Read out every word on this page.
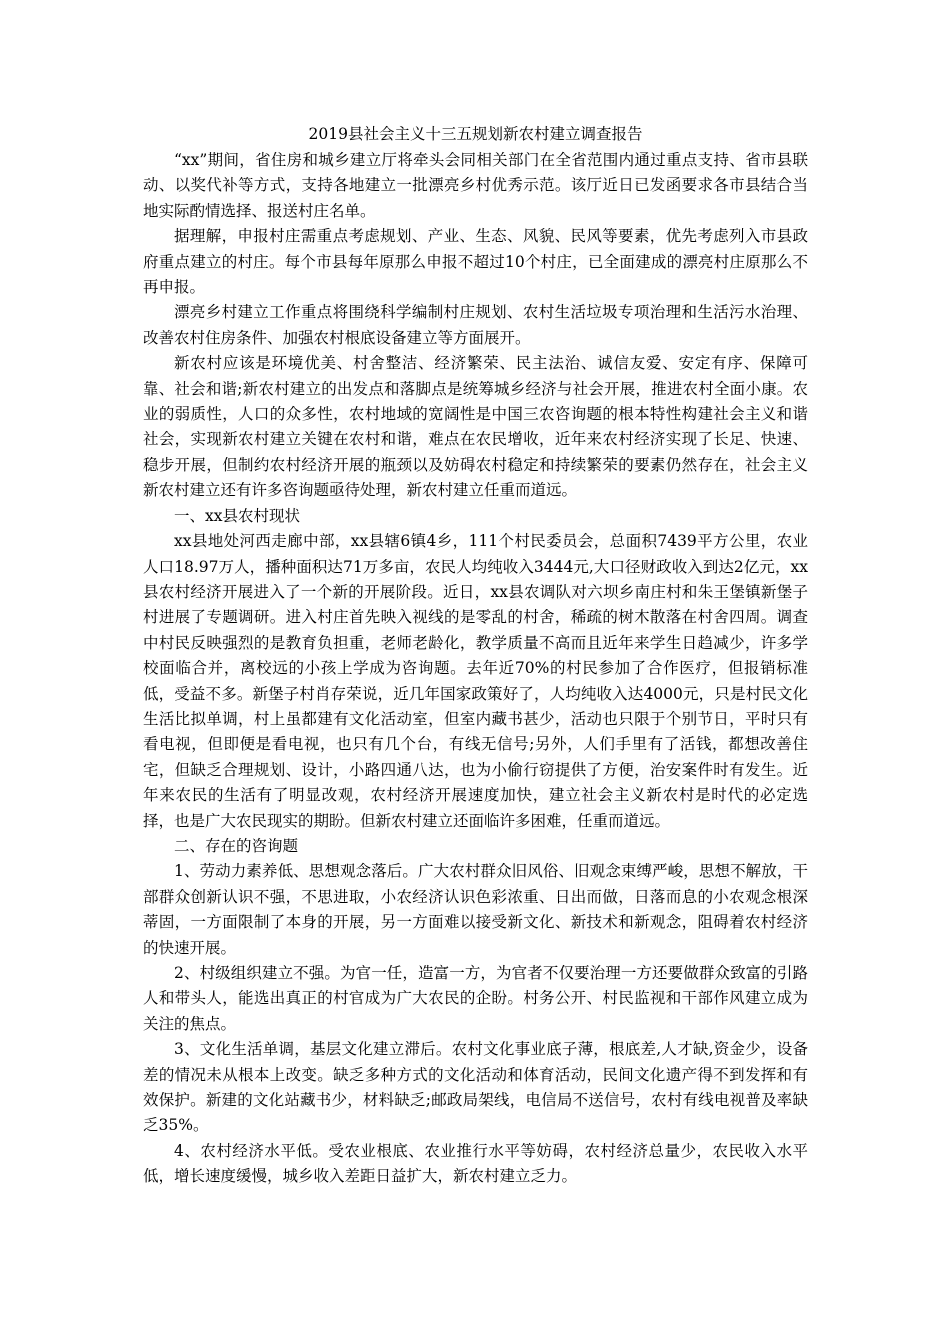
2019县社会主义十三五规划新农村建立调查报告

“xx”期间，省住房和城乡建立厅将牵头会同相关部门在全省范围内通过重点支持、省市县联动、以奖代补等方式，支持各地建立一批漂亮乡村优秀示范。该厅近日已发函要求各市县结合当地实际酌情选择、报送村庄名单。

据理解，申报村庄需重点考虑规划、产业、生态、风貌、民风等要素，优先考虑列入市县政府重点建立的村庄。每个市县每年原那么申报不超过10个村庄，已全面建成的漂亮村庄原那么不再申报。

漂亮乡村建立工作重点将围绕科学编制村庄规划、农村生活垃圾专项治理和生活污水治理、改善农村住房条件、加强农村根底设备建立等方面展开。

新农村应该是环境优美、村舍整洁、经济繁荣、民主法治、诚信友爱、安定有序、保障可靠、社会和谐;新农村建立的出发点和落脚点是统筹城乡经济与社会开展，推进农村全面小康。农业的弱质性，人口的众多性，农村地域的宽阔性是中国三农咨询题的根本特性构建社会主义和谐社会，实现新农村建立关键在农村和谐，难点在农民增收，近年来农村经济实现了长足、快速、稳步开展，但制约农村经济开展的瓶颈以及妨碍农村稳定和持续繁荣的要素仍然存在，社会主义新农村建立还有许多咨询题亟待处理，新农村建立任重而道远。

一、xx县农村现状

xx县地处河西走廊中部，xx县辖6镇4乡，111个村民委员会，总面积7439平方公里，农业人口18.97万人，播种面积达71万多亩，农民人均纯收入3444元,大口径财政收入到达2亿元，xx县农村经济开展进入了一个新的开展阶段。近日，xx县农调队对六坝乡南庄村和朱王堡镇新堡子村进展了专题调研。进入村庄首先映入视线的是零乱的村舍，稀疏的树木散落在村舍四周。调查中村民反映强烈的是教育负担重，老师老龄化，教学质量不高而且近年来学生日趋减少，许多学校面临合并，离校远的小孩上学成为咨询题。去年近70%的村民参加了合作医疗，但报销标准低，受益不多。新堡子村肖存荣说，近几年国家政策好了，人均纯收入达4000元，只是村民文化生活比拟单调，村上虽都建有文化活动室，但室内藏书甚少，活动也只限于个别节日，平时只有看电视，但即便是看电视，也只有几个台，有线无信号;另外，人们手里有了活钱，都想改善住宅，但缺乏合理规划、设计，小路四通八达，也为小偷行窃提供了方便，治安案件时有发生。近年来农民的生活有了明显改观，农村经济开展速度加快，建立社会主义新农村是时代的必定选择，也是广大农民现实的期盼。但新农村建立还面临许多困难，任重而道远。

二、存在的咨询题

1、劳动力素养低、思想观念落后。广大农村群众旧风俗、旧观念束缚严峻，思想不解放，干部群众创新认识不强，不思进取，小农经济认识色彩浓重、日出而做，日落而息的小农观念根深蒂固，一方面限制了本身的开展，另一方面难以接受新文化、新技术和新观念，阻碍着农村经济的快速开展。

2、村级组织建立不强。为官一任，造富一方，为官者不仅要治理一方还要做群众致富的引路人和带头人，能选出真正的村官成为广大农民的企盼。村务公开、村民监视和干部作风建立成为关注的焦点。

3、文化生活单调，基层文化建立滞后。农村文化事业底子薄，根底差,人才缺,资金少，设备差的情况未从根本上改变。缺乏多种方式的文化活动和体育活动，民间文化遗产得不到发挥和有效保护。新建的文化站藏书少，材料缺乏;邮政局架线，电信局不送信号，农村有线电视普及率缺乏35%。

4、农村经济水平低。受农业根底、农业推行水平等妨碍，农村经济总量少，农民收入水平低，增长速度缓慢，城乡收入差距日益扩大，新农村建立乏力。
